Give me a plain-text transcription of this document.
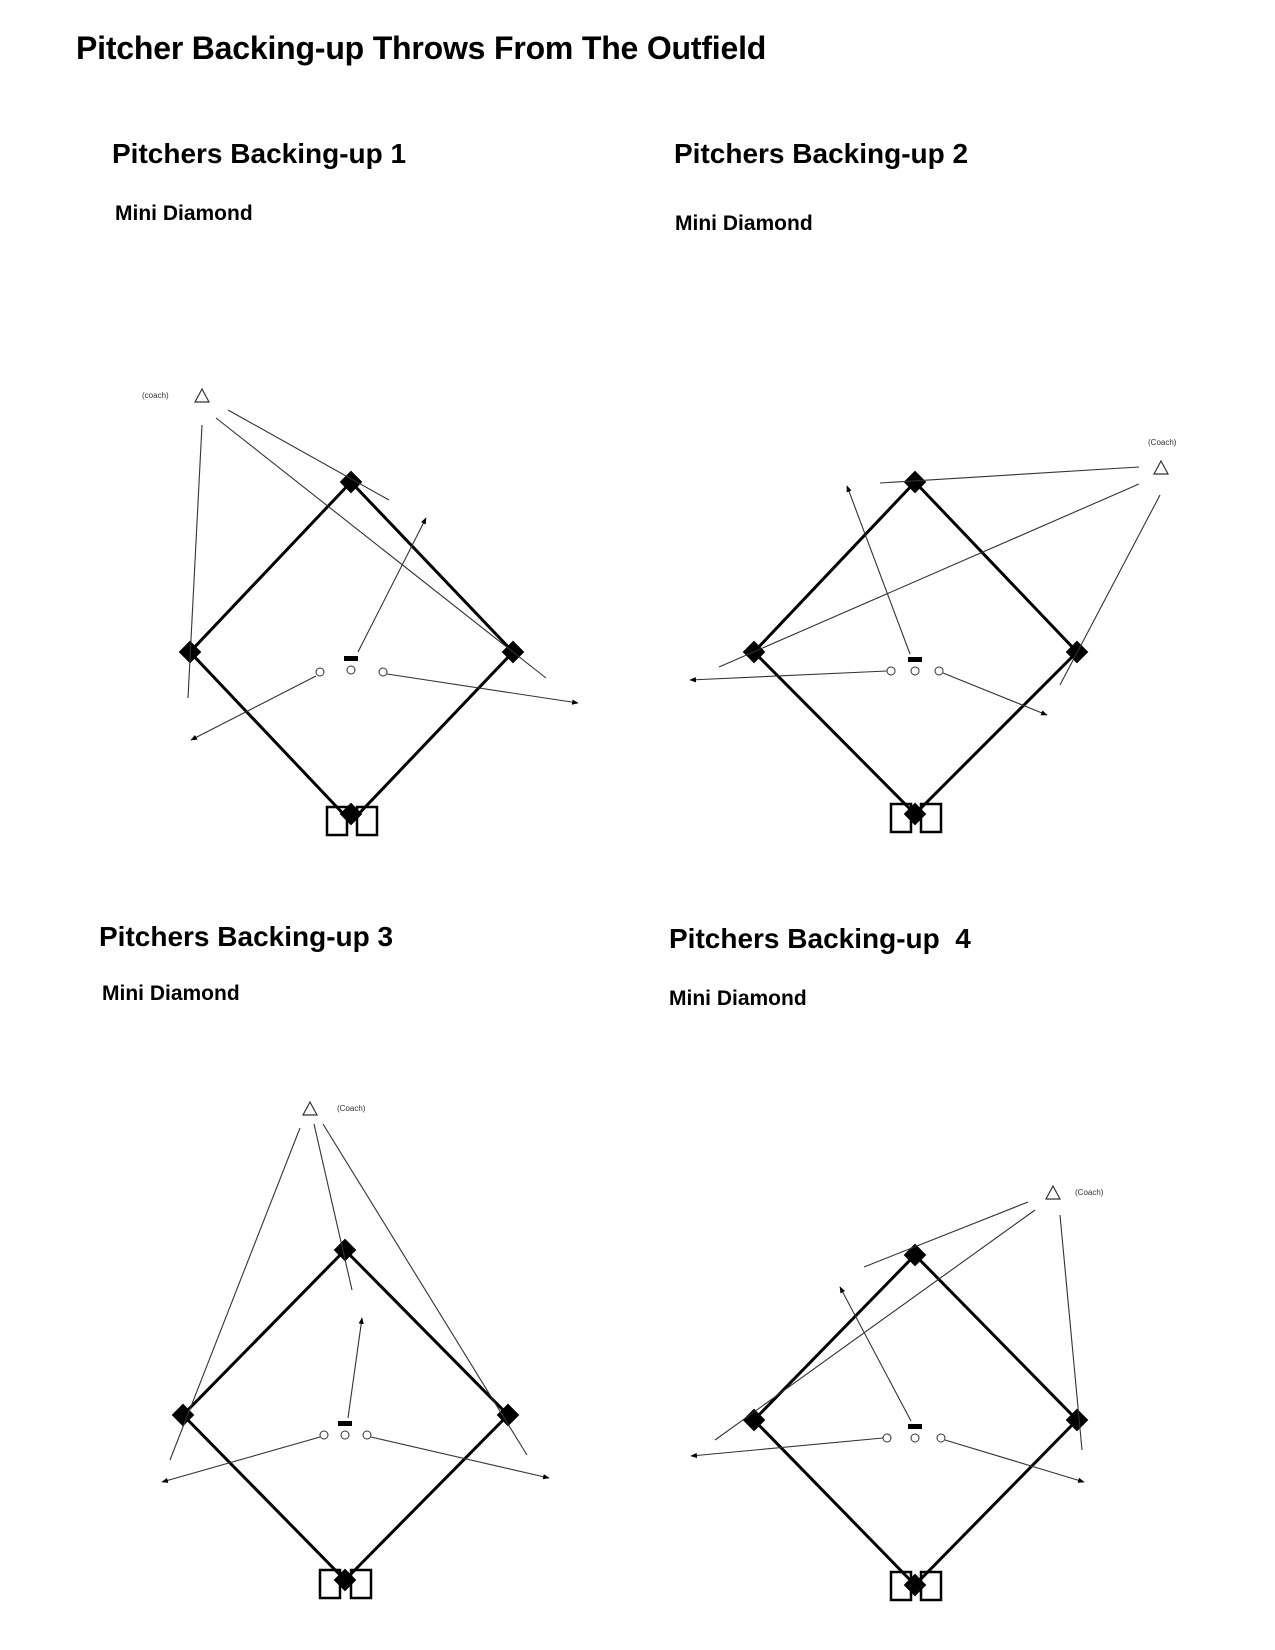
Pitcher Backing-up Throws From The Outfield
Pitchers Backing-up 1
Mini Diamond
Pitchers Backing-up 2
Mini Diamond
Pitchers Backing-up 3
Mini Diamond
Pitchers Backing-up  4
Mini Diamond
(coach)
(Coach)
(Coach)
(Coach)
